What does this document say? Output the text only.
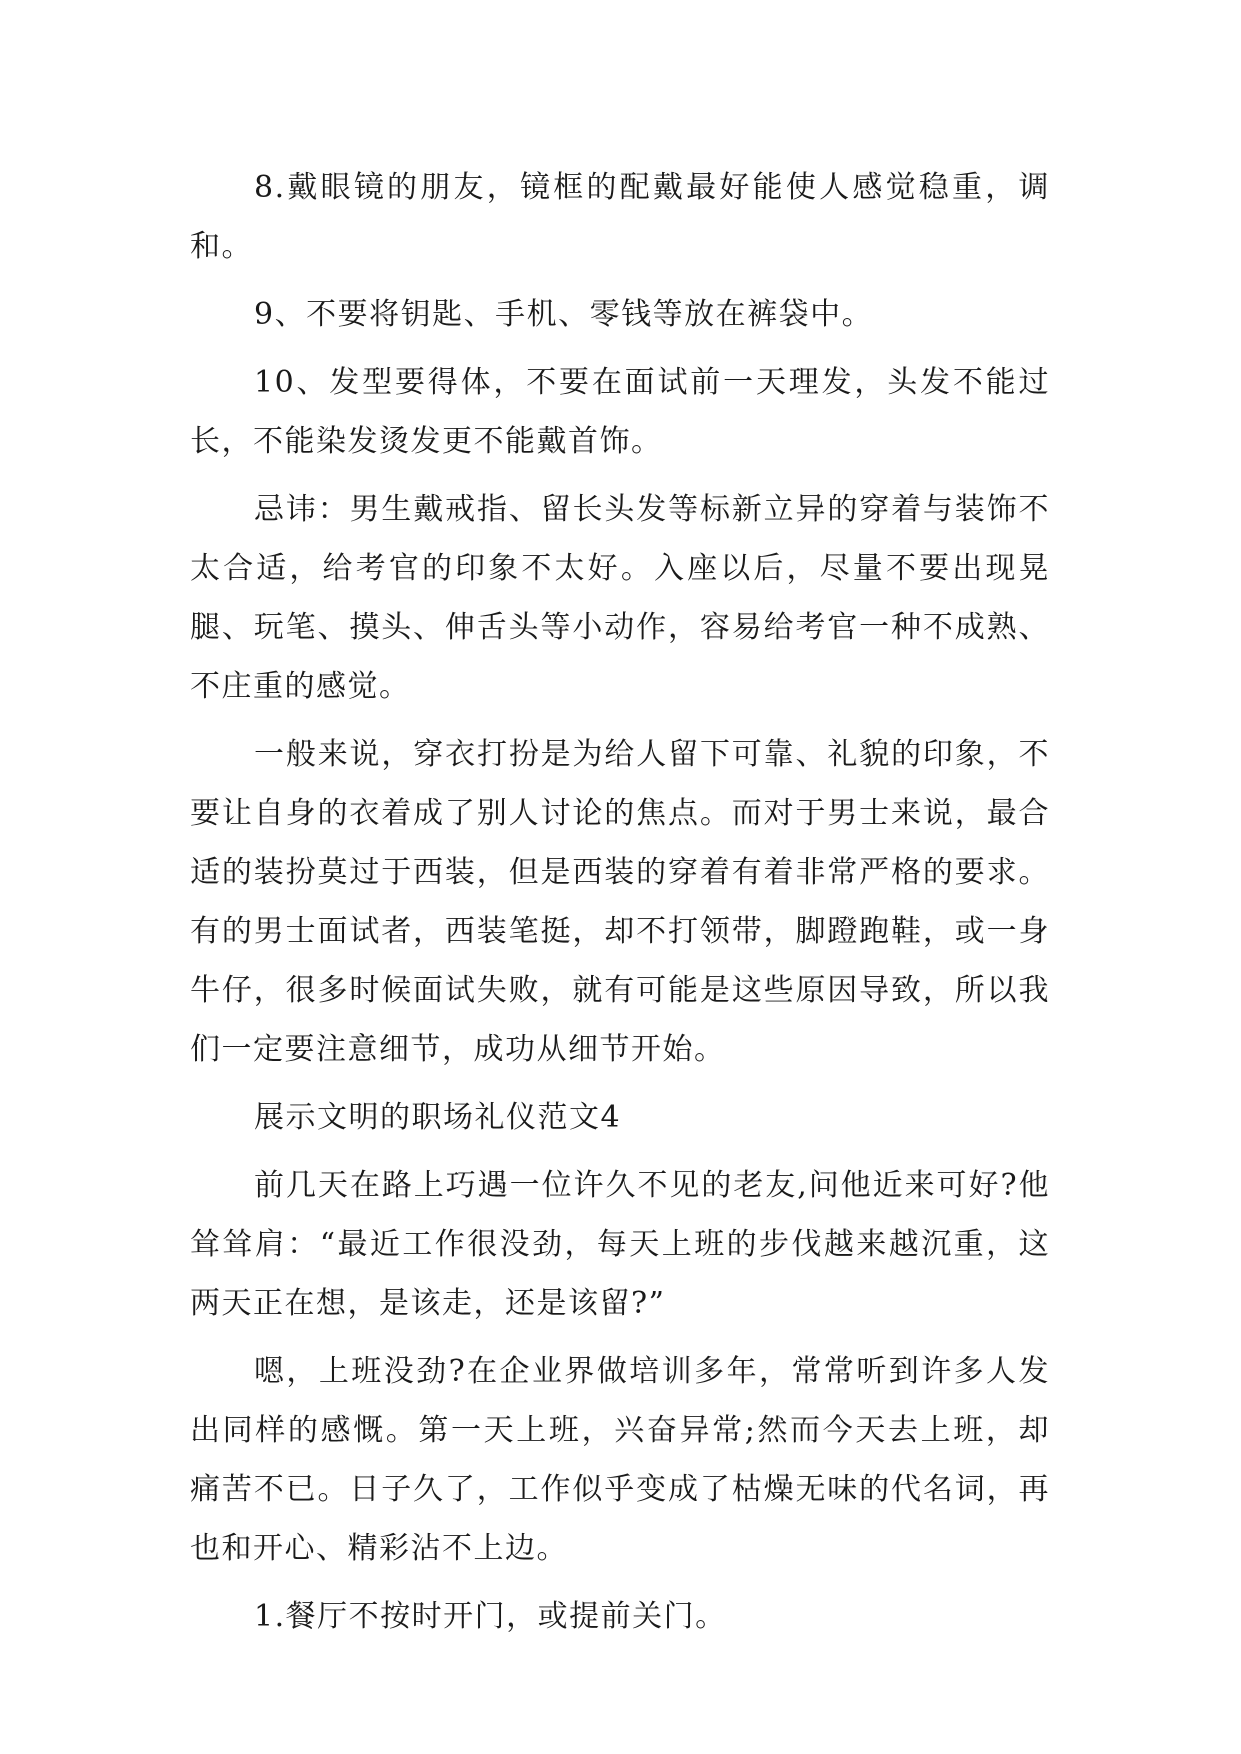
8.戴眼镜的朋友，镜框的配戴最好能使人感觉稳重，调和。

9、不要将钥匙、手机、零钱等放在裤袋中。

10、发型要得体，不要在面试前一天理发，头发不能过长，不能染发烫发更不能戴首饰。

忌讳：男生戴戒指、留长头发等标新立异的穿着与装饰不太合适，给考官的印象不太好。入座以后，尽量不要出现晃腿、玩笔、摸头、伸舌头等小动作，容易给考官一种不成熟、不庄重的感觉。

一般来说，穿衣打扮是为给人留下可靠、礼貌的印象，不要让自身的衣着成了别人讨论的焦点。而对于男士来说，最合适的装扮莫过于西装，但是西装的穿着有着非常严格的要求。有的男士面试者，西装笔挺，却不打领带，脚蹬跑鞋，或一身牛仔，很多时候面试失败，就有可能是这些原因导致，所以我们一定要注意细节，成功从细节开始。

展示文明的职场礼仪范文4

前几天在路上巧遇一位许久不见的老友,问他近来可好?他耸耸肩：“最近工作很没劲，每天上班的步伐越来越沉重，这两天正在想，是该走，还是该留?”

嗯，上班没劲?在企业界做培训多年，常常听到许多人发出同样的感慨。第一天上班，兴奋异常;然而今天去上班，却痛苦不已。日子久了，工作似乎变成了枯燥无味的代名词，再也和开心、精彩沾不上边。

1.餐厅不按时开门，或提前关门。
